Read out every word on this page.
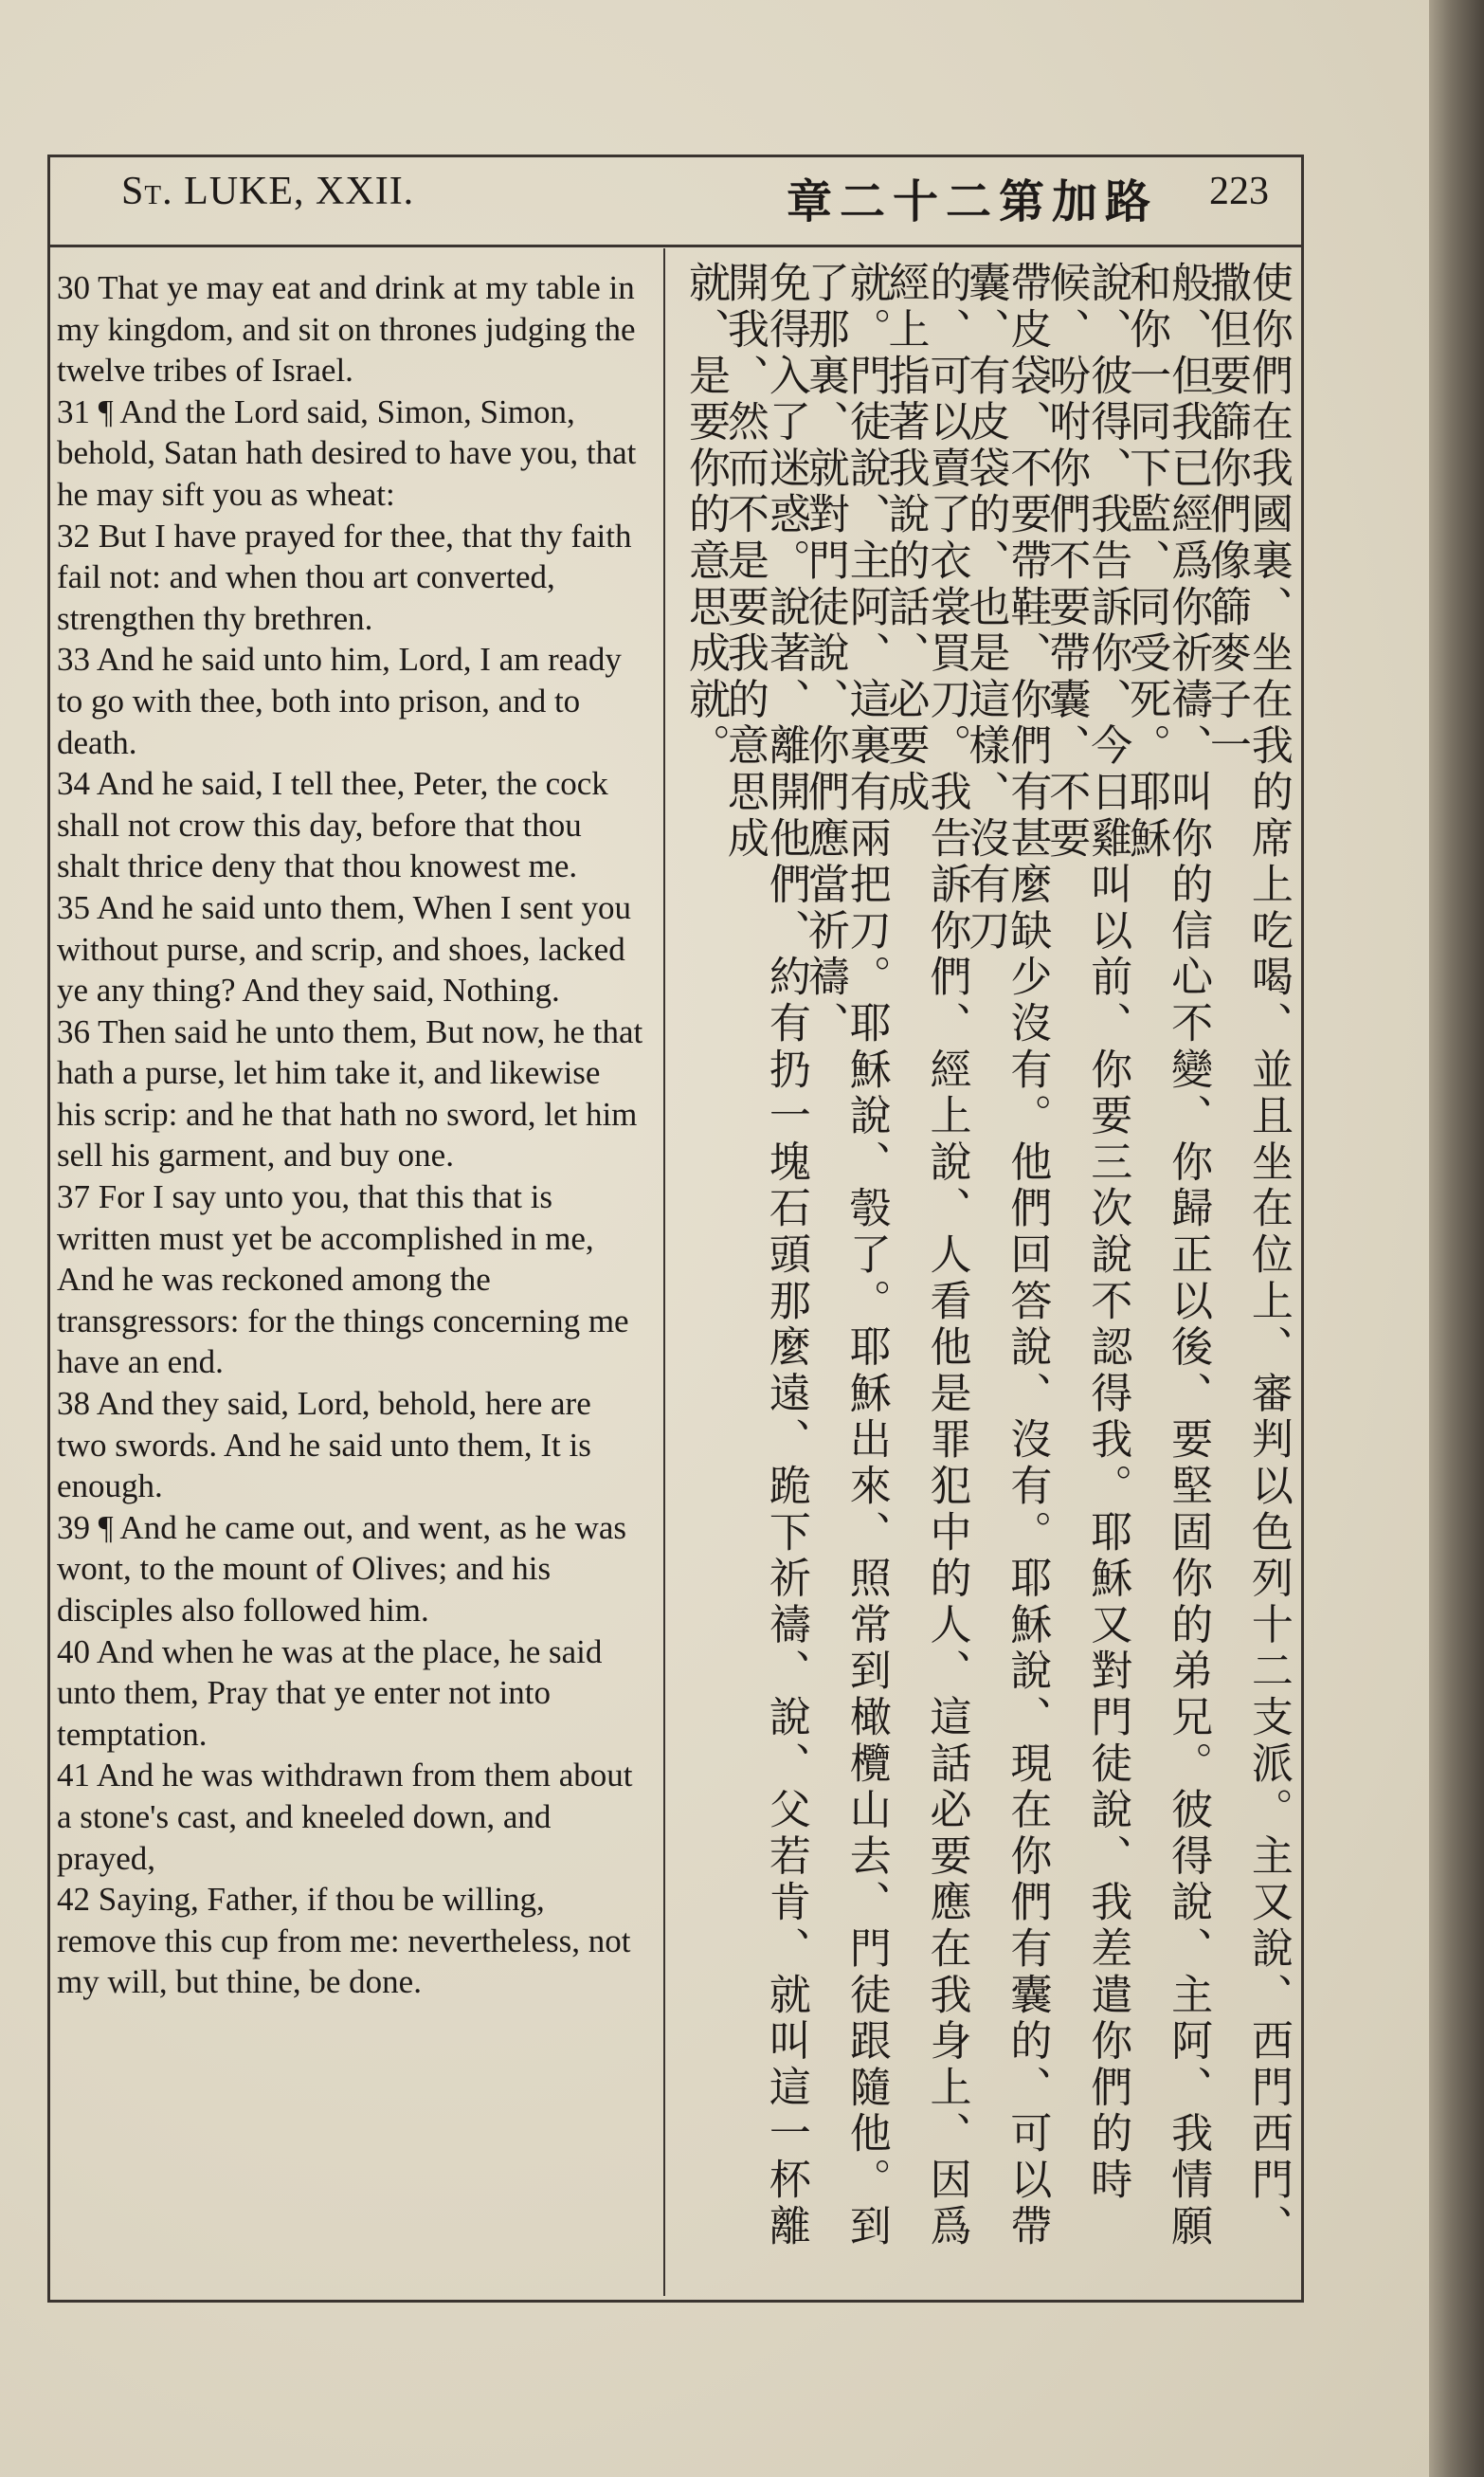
St. LUKE, XXII.	章二十二第加路 223

30 That ye may eat and drink at my table in my kingdom, and sit on thrones judging the twelve tribes of Israel.

31 ¶ And the Lord said, Simon, Simon, behold, Satan hath desired to have you, that he may sift you as wheat:

32 But I have prayed for thee, that thy faith fail not: and when thou art converted, strengthen thy brethren.

33 And he said unto him, Lord, I am ready to go with thee, both into prison, and to death.

34 And he said, I tell thee, Peter, the cock shall not crow this day, before that thou shalt thrice deny that thou knowest me.

35 And he said unto them, When I sent you without purse, and scrip, and shoes, lacked ye any thing? And they said, Nothing.

36 Then said he unto them, But now, he that hath a purse, let him take it, and likewise his scrip: and he that hath no sword, let him sell his garment, and buy one.

37 For I say unto you, that this that is written must yet be accomplished in me, And he was reckoned among the transgressors: for the things concerning me have an end.

38 And they said, Lord, behold, here are two swords. And he said unto them, It is enough.

39 ¶ And he came out, and went, as he was wont, to the mount of Olives; and his disciples also followed him.

40 And when he was at the place, he said unto them, Pray that ye enter not into temptation.

41 And he was withdrawn from them about a stone's cast, and kneeled down, and prayed,

42 Saying, Father, if thou be willing, remove this cup from me: nevertheless, not my will, but thine, be done.	使你們在我國裏、坐在我的席上吃喝、並且坐在位上、審判以色列十二支派。主又說、西門西門、撒但要篩你們像篩麥子一
般、但我已經爲你祈禱、叫你的信心不變、你歸正以後、要堅固你的弟兄。彼得說、主阿、我情願和你一同下監、同受死。耶穌
說、彼得、我告訴你、今日雞叫以前、你要三次說不認得我。耶穌又對門徒說、我差遣你們的時候、吩咐你們不要帶囊、不要
帶皮袋、不要帶鞋、你們有甚麼缺少沒有。他們回答說、沒有。耶穌說、現在你們有囊的、可以帶囊、有皮袋的、也是這樣、沒有刀
的、可以賣了衣裳買刀。我告訴你們、經上說、人看他是罪犯中的人、這話必要應在我身上、因爲經上指著我說的話、必要成
就。門徒說、主阿、這裏有兩把刀。耶穌說、彀了。耶穌出來、照常到橄欖山去、門徒跟隨他。到了那裏、就對門徒說、你們應當祈禱、
免得入了迷惑。說著、離開他們、約有扔一塊石頭那麼遠、跪下祈禱、說、父若肯、就叫這一杯離開我、然而不是要我的意思成
就、是要你的意思成就。
